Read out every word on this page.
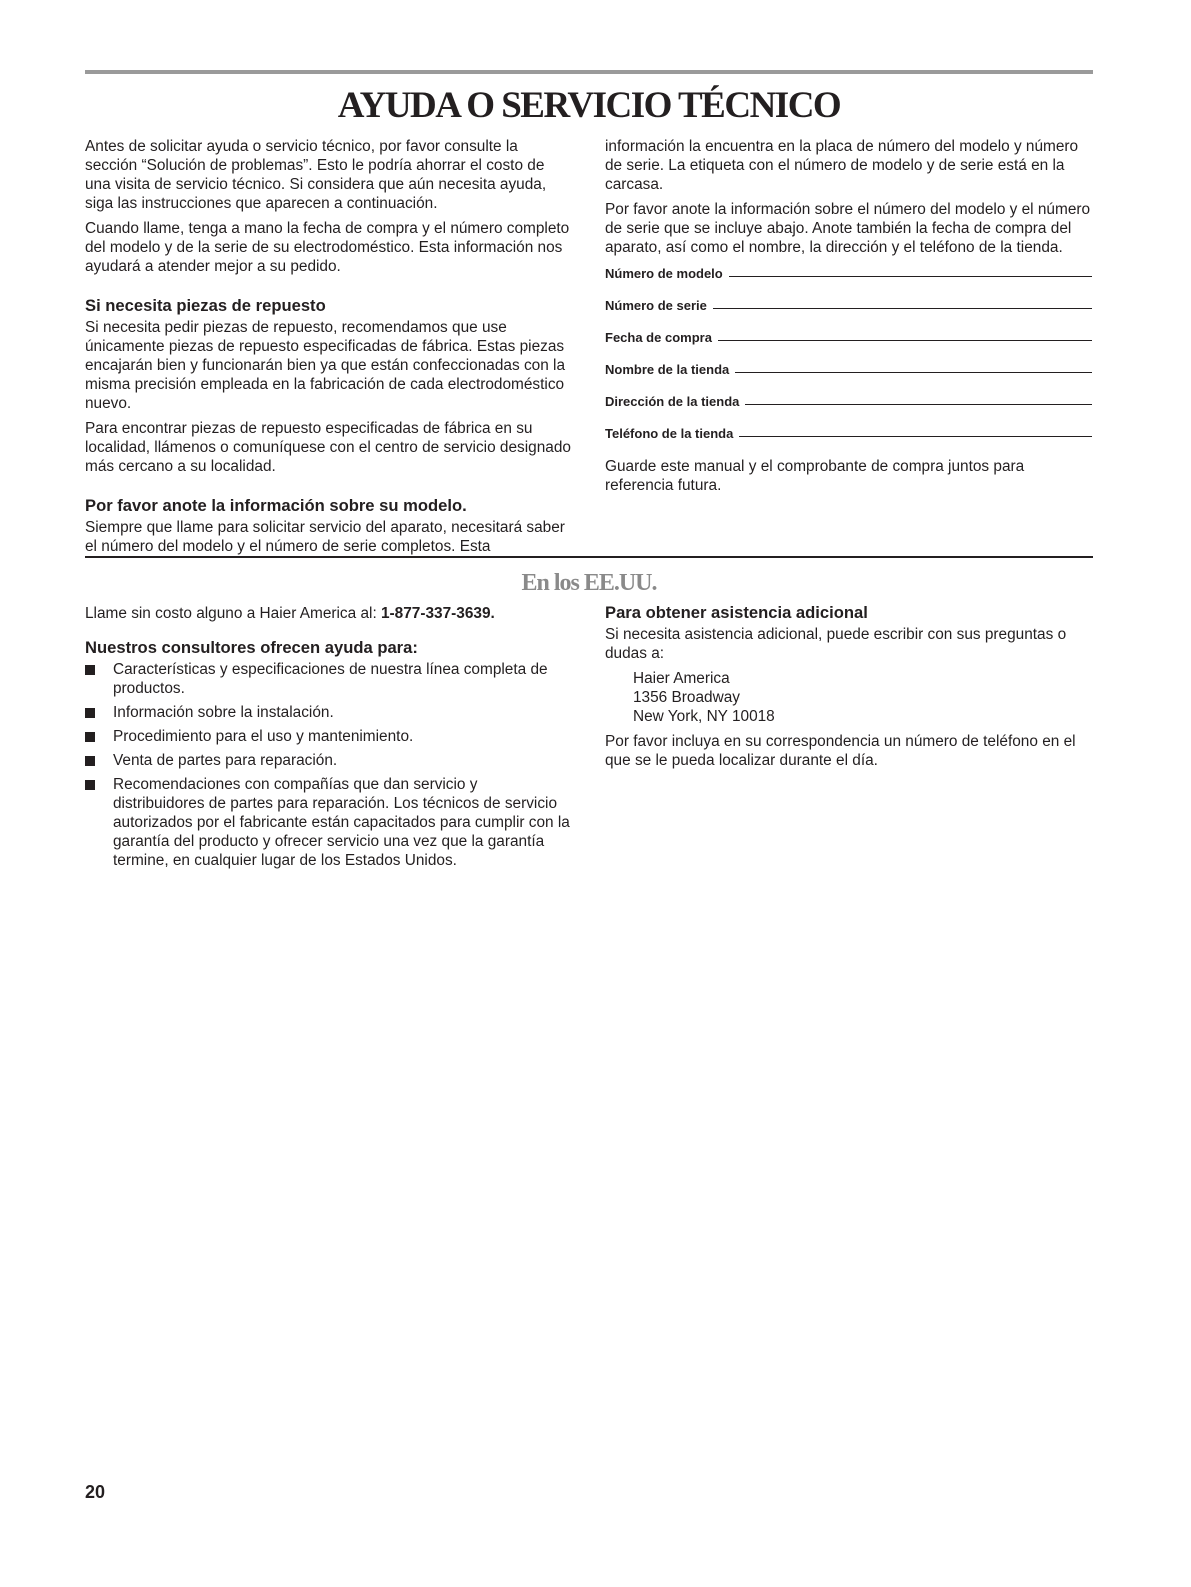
AYUDA O SERVICIO TÉCNICO

Antes de solicitar ayuda o servicio técnico, por favor consulte la sección “Solución de problemas”. Esto le podría ahorrar el costo de una visita de servicio técnico. Si considera que aún necesita ayuda, siga las instrucciones que aparecen a continuación.

Cuando llame, tenga a mano la fecha de compra y el número completo del modelo y de la serie de su electrodoméstico. Esta información nos ayudará a atender mejor a su pedido.

Si necesita piezas de repuesto

Si necesita pedir piezas de repuesto, recomendamos que use únicamente piezas de repuesto especificadas de fábrica. Estas piezas encajarán bien y funcionarán bien ya que están confeccionadas con la misma precisión empleada en la fabricación de cada electrodoméstico nuevo.

Para encontrar piezas de repuesto especificadas de fábrica en su localidad, llámenos o comuníquese con el centro de servicio designado más cercano a su localidad.

Por favor anote la información sobre su modelo.

Siempre que llame para solicitar servicio del aparato, necesitará saber el número del modelo y el número de serie completos. Esta

información la encuentra en la placa de número del modelo y número de serie. La etiqueta con el número de modelo y de serie está en la carcasa.

Por favor anote la información sobre el número del modelo y el número de serie que se incluye abajo. Anote también la fecha de compra del aparato, así como el nombre, la dirección y el teléfono de la tienda.

Número de modelo
Número de serie
Fecha de compra
Nombre de la tienda
Dirección de la tienda
Teléfono de la tienda

Guarde este manual y el comprobante de compra juntos para referencia futura.

En los EE.UU.

Llame sin costo alguno a Haier America al: 1-877-337-3639.

Nuestros consultores ofrecen ayuda para:
Características y especificaciones de nuestra línea completa de productos.
Información sobre la instalación.
Procedimiento para el uso y mantenimiento.
Venta de partes para reparación.
Recomendaciones con compañías que dan servicio y distribuidores de partes para reparación. Los técnicos de servicio autorizados por el fabricante están capacitados para cumplir con la garantía del producto y ofrecer servicio una vez que la garantía termine, en cualquier lugar de los Estados Unidos.
Para obtener asistencia adicional

Si necesita asistencia adicional, puede escribir con sus preguntas o dudas a:

Haier America
1356 Broadway
New York, NY 10018

Por favor incluya en su correspondencia un número de teléfono en el que se le pueda localizar durante el día.

20
